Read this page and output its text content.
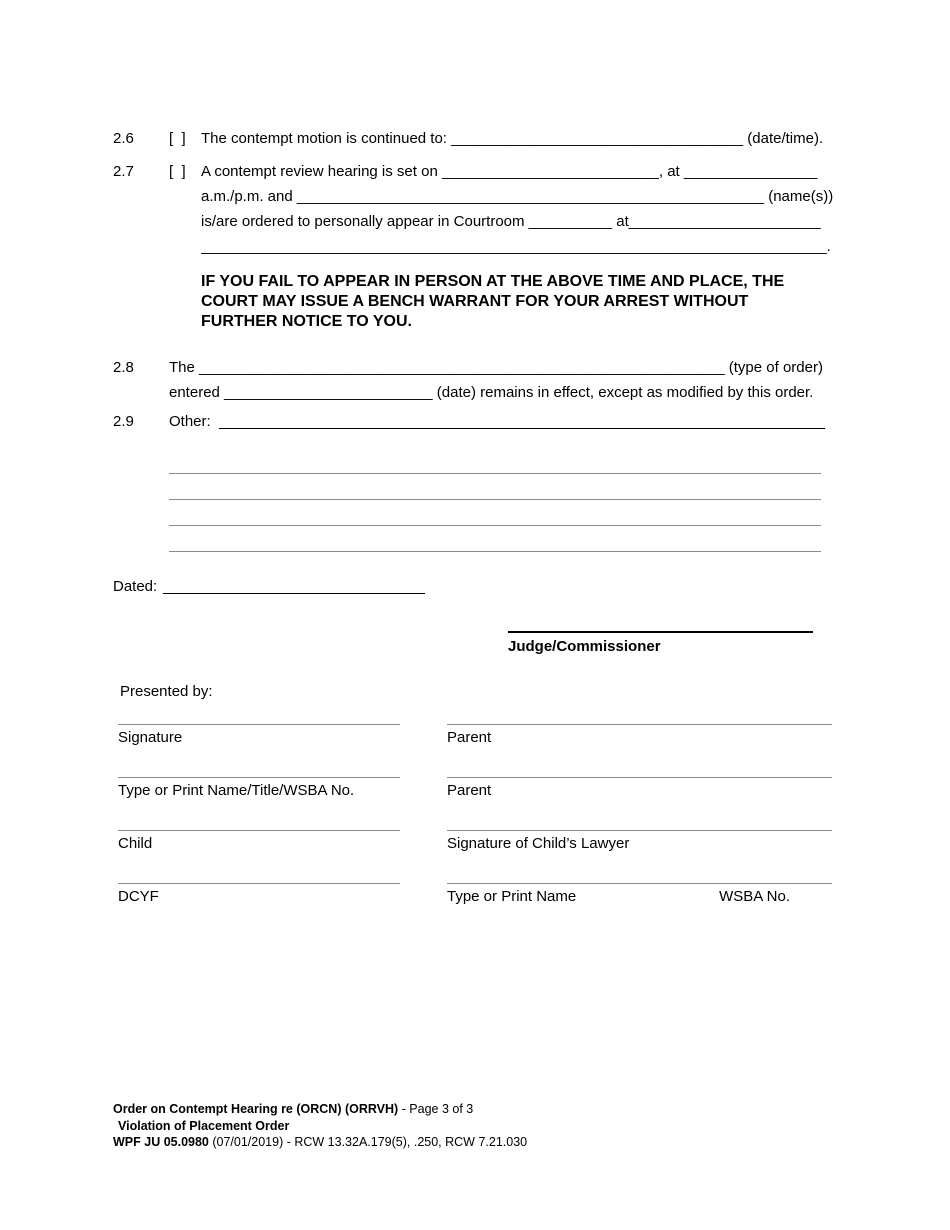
2.6	[  ]	The contempt motion is continued to: ___________________________________ (date/time).
2.7	[  ]	A contempt review hearing is set on __________________________, at ________________
a.m./p.m. and ________________________________________________________ (name(s))
is/are ordered to personally appear in Courtroom __________ at_______________________
___________________________________________________________________________.
IF YOU FAIL TO APPEAR IN PERSON AT THE ABOVE TIME AND PLACE, THE
COURT MAY ISSUE A BENCH WARRANT FOR YOUR ARREST WITHOUT
FURTHER NOTICE TO YOU.
2.8	The _______________________________________________________________ (type of order)
entered _________________________ (date) remains in effect, except as modified by this order.
2.9	Other:
Dated:
Judge/Commissioner
Presented by:
Signature	Parent
Type or Print Name/Title/WSBA No.	Parent
Child	Signature of Child’s Lawyer
DCYF	Type or Print Name	WSBA No.
Order on Contempt Hearing re (ORCN) (ORRVH) - Page 3 of 3
Violation of Placement Order
WPF JU 05.0980 (07/01/2019) - RCW 13.32A.179(5), .250, RCW 7.21.030
